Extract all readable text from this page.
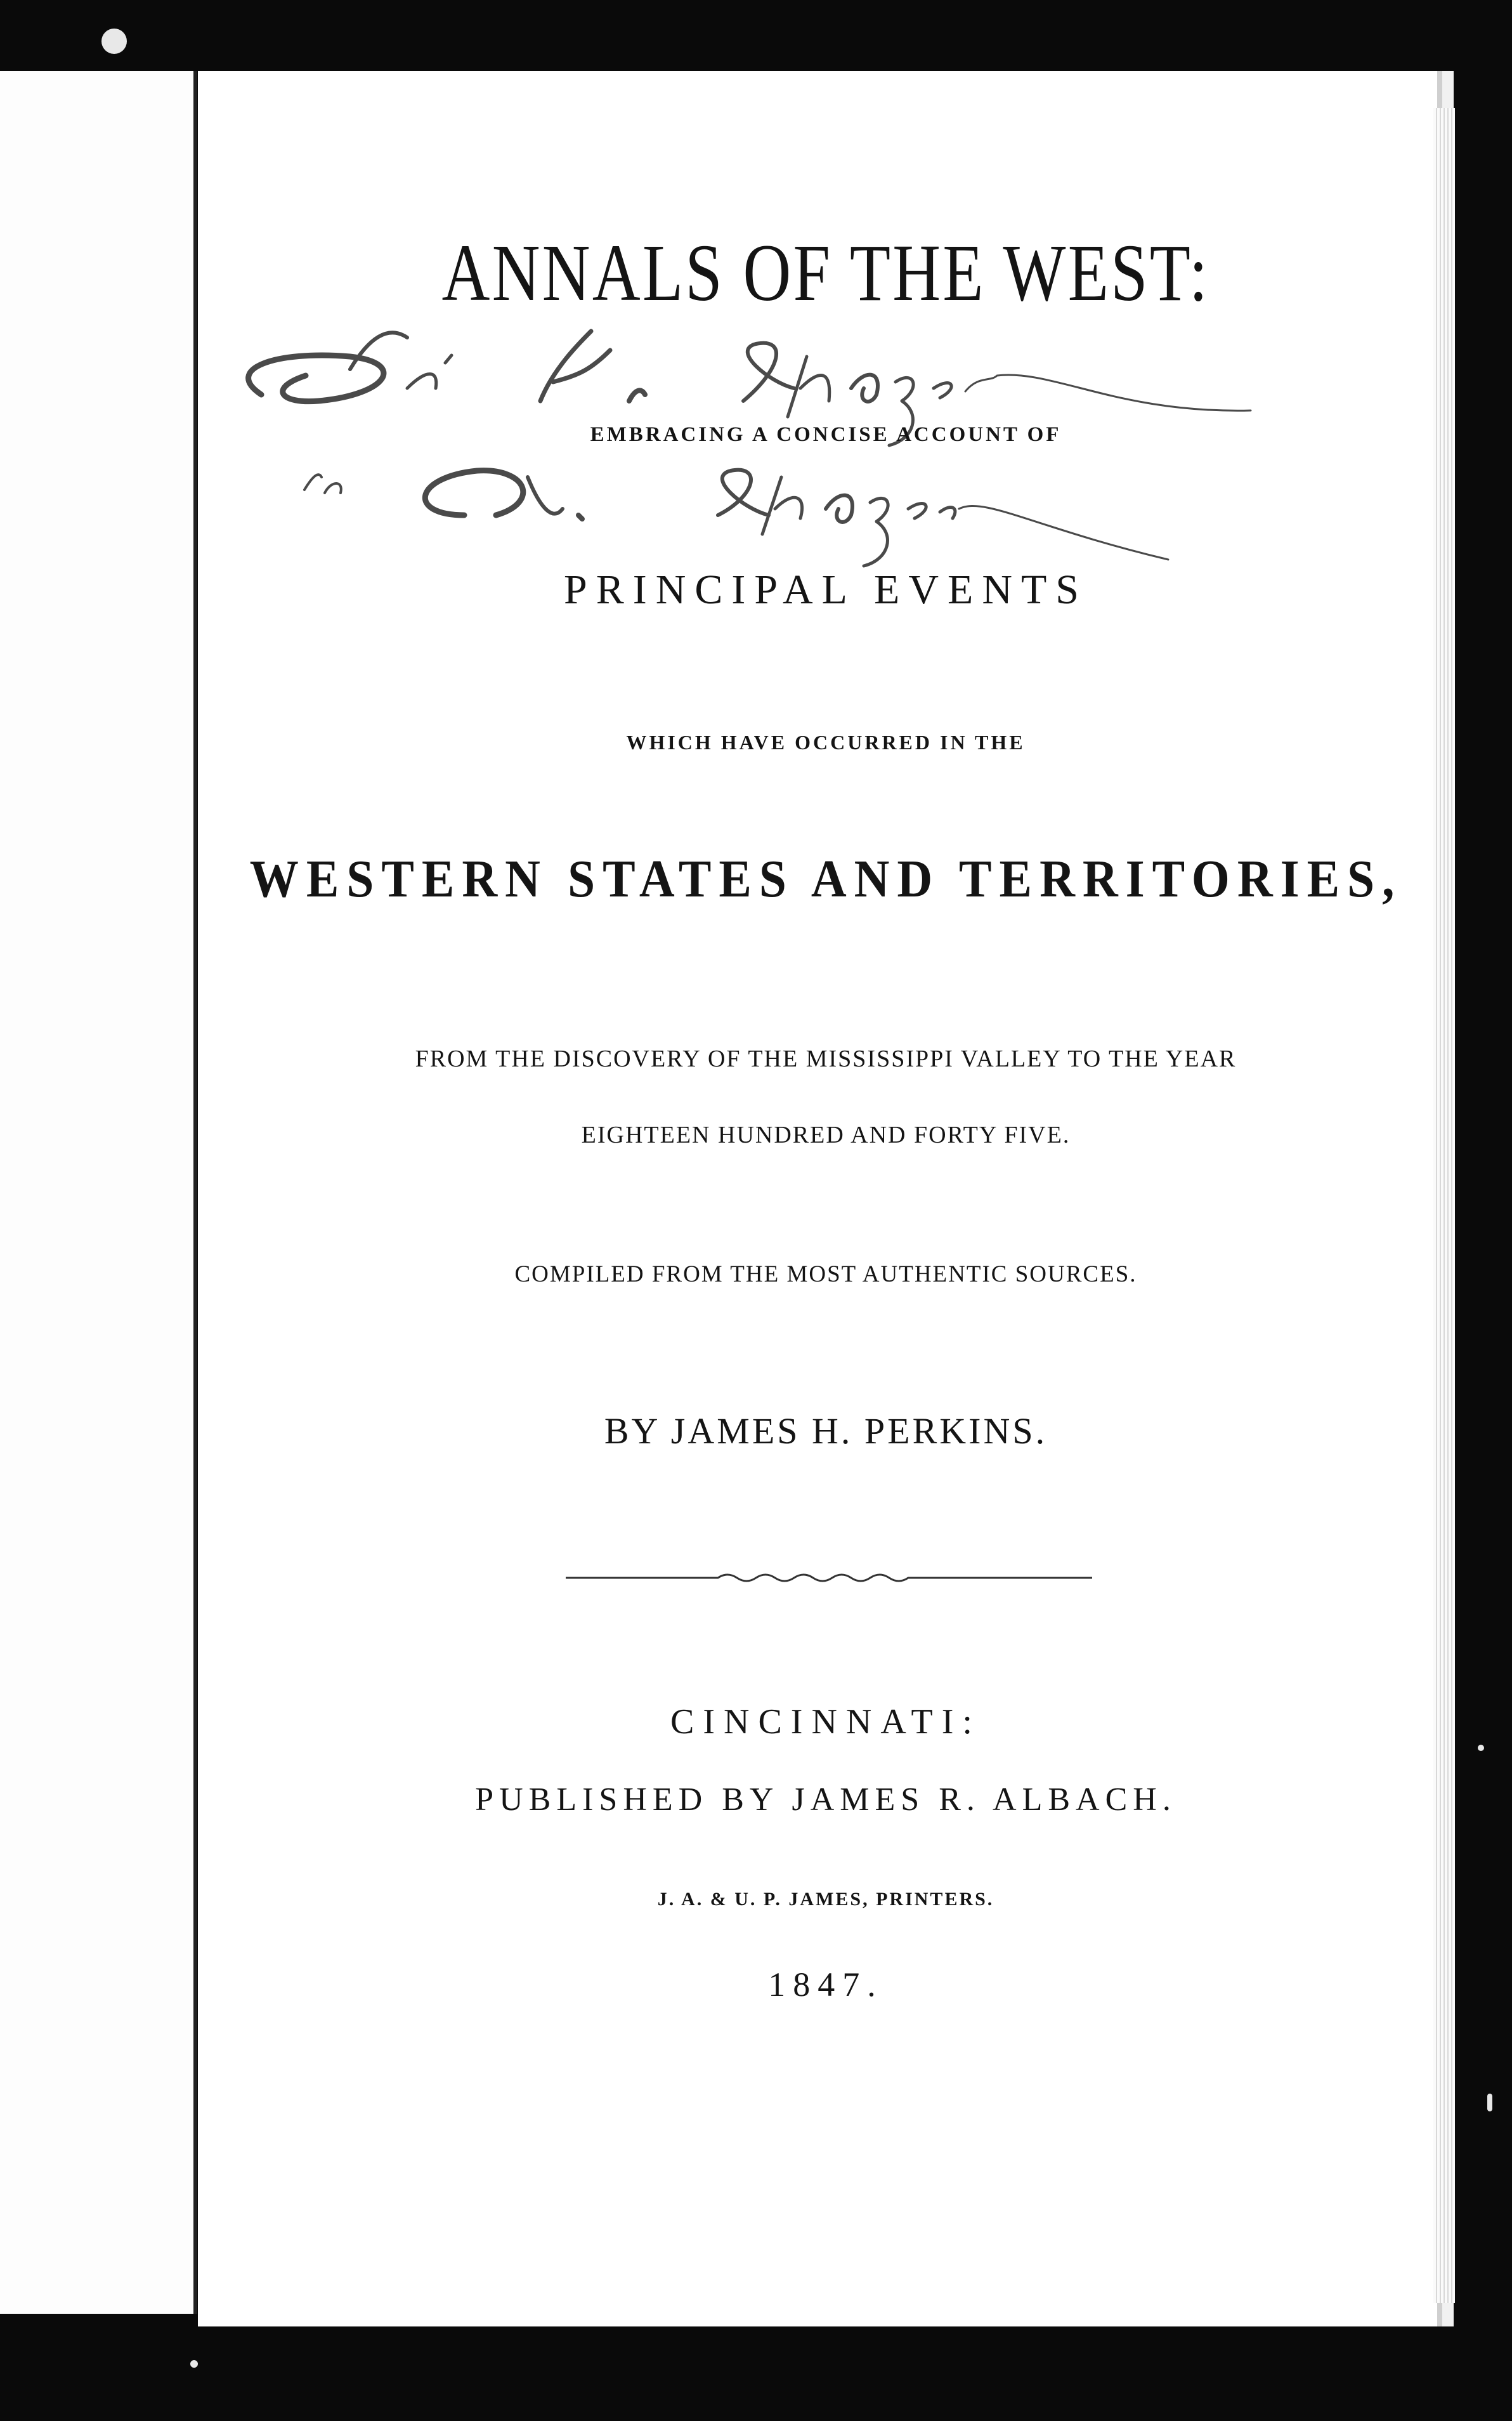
ANNALS OF THE WEST:
EMBRACING A CONCISE ACCOUNT OF
PRINCIPAL EVENTS
WHICH HAVE OCCURRED IN THE
WESTERN STATES AND TERRITORIES,
FROM THE DISCOVERY OF THE MISSISSIPPI VALLEY TO THE YEAR
EIGHTEEN HUNDRED AND FORTY FIVE.
COMPILED FROM THE MOST AUTHENTIC SOURCES.
BY JAMES H. PERKINS.
CINCINNATI:
PUBLISHED BY JAMES R. ALBACH.
J. A. & U. P. JAMES, PRINTERS.
1847.
